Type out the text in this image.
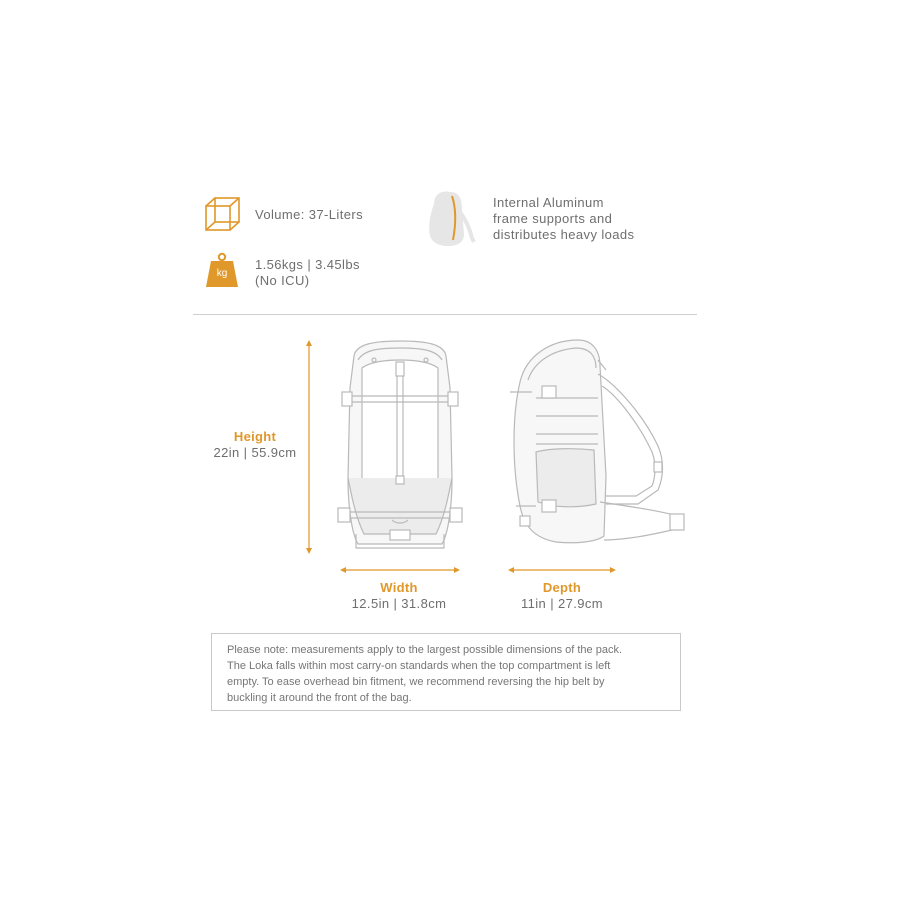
Volume: 37-Liters
kg
1.56kgs | 3.45lbs
(No ICU)
Internal Aluminum
frame supports and
distributes heavy loads
Height
22in | 55.9cm
Width
12.5in | 31.8cm
Depth
11in | 27.9cm
Please note: measurements apply to the largest possible dimensions of the pack.
The Loka falls within most carry-on standards when the top compartment is left
empty. To ease overhead bin fitment, we recommend reversing the hip belt by
buckling it around the front of the bag.
